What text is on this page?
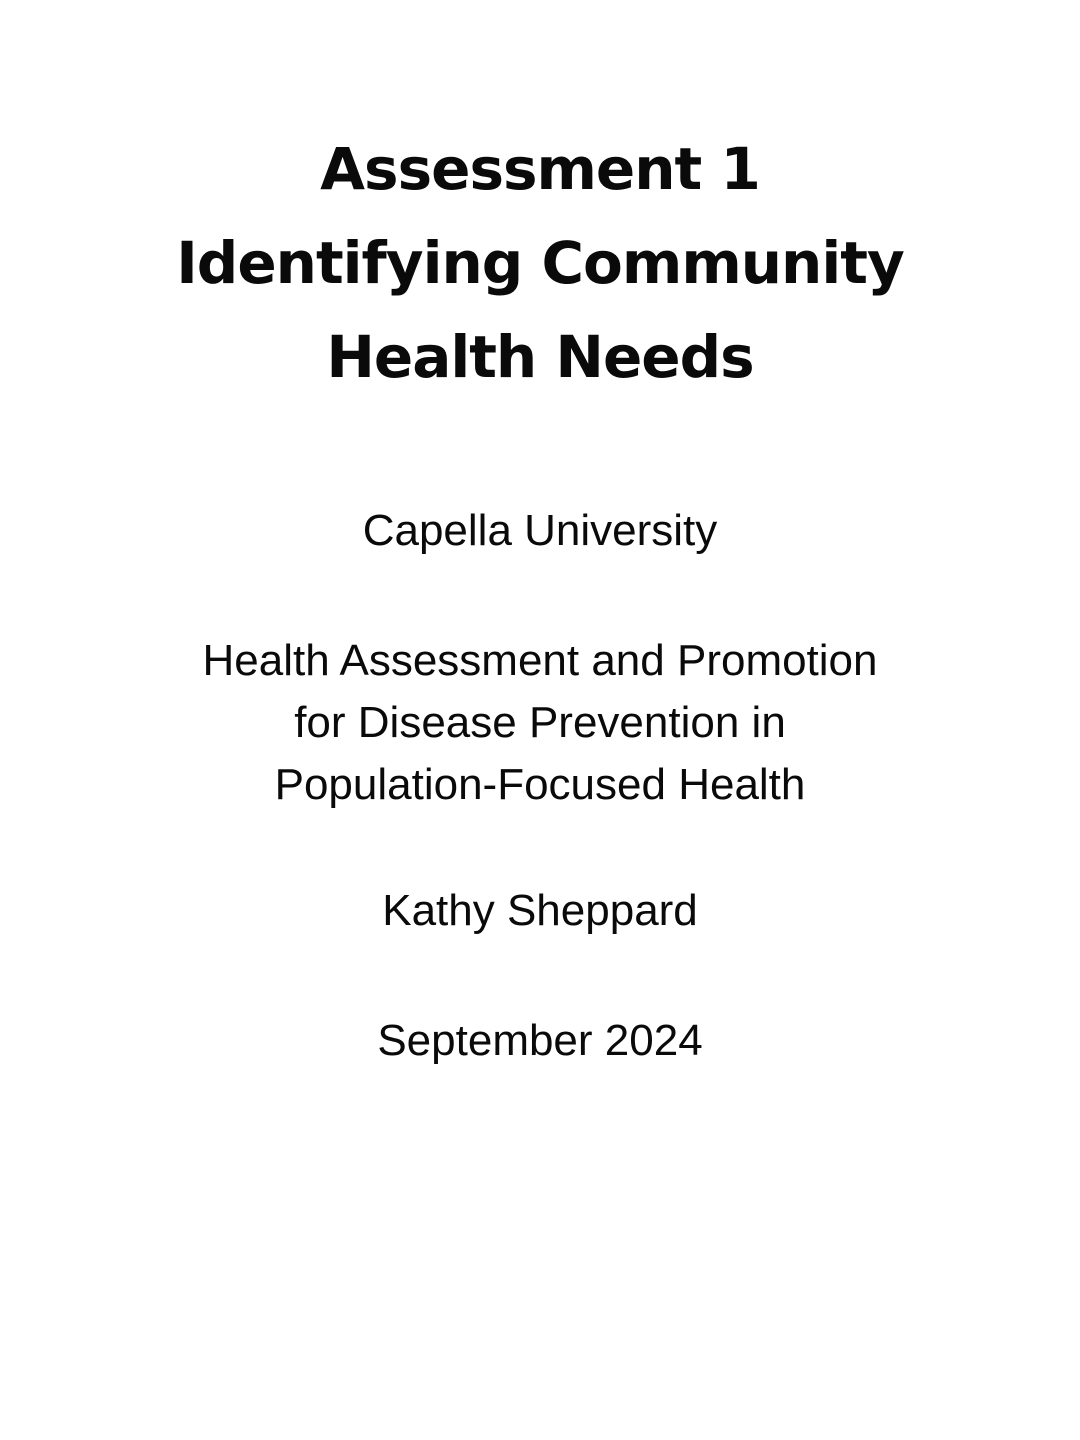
Assessment 1
Identifying Community
Health Needs
Capella University
Health Assessment and Promotion
for Disease Prevention in
Population-Focused Health
Kathy Sheppard
September 2024
